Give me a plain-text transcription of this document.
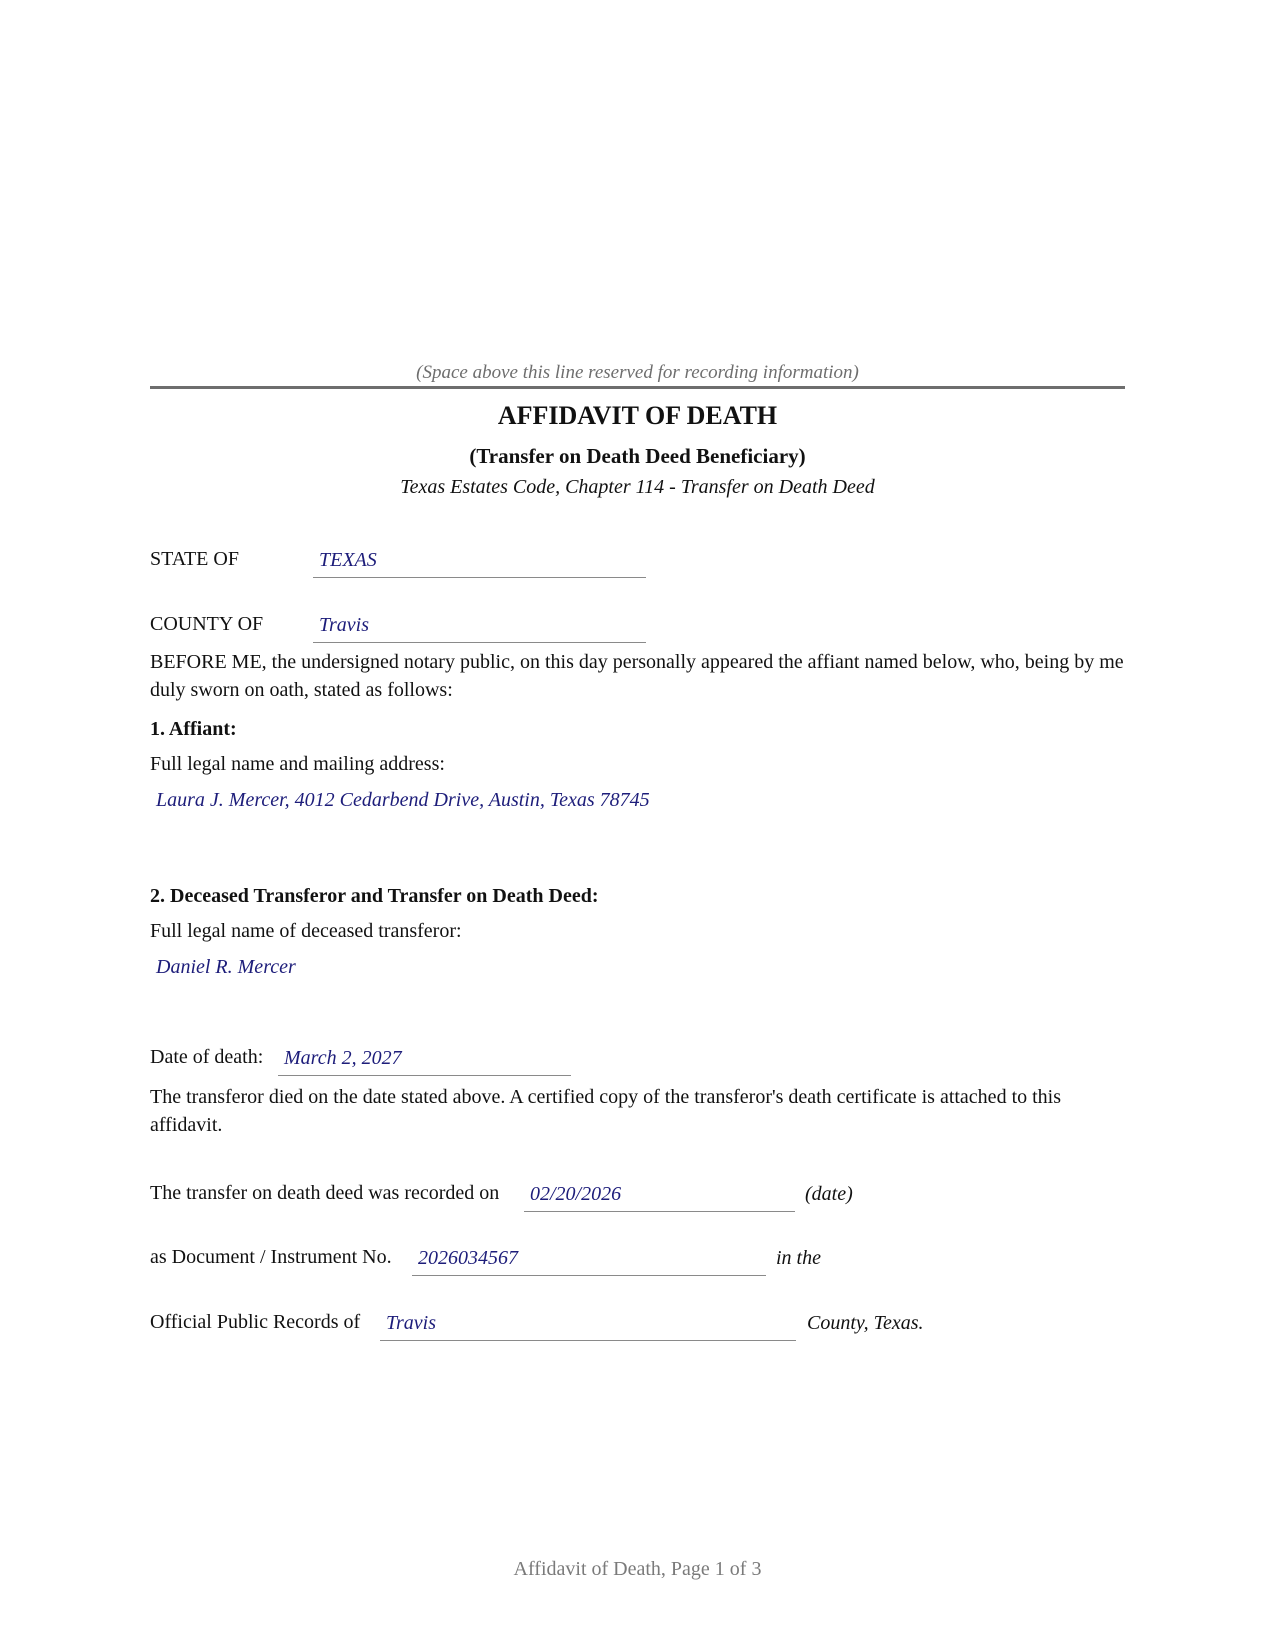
(Space above this line reserved for recording information)
AFFIDAVIT OF DEATH
(Transfer on Death Deed Beneficiary)
Texas Estates Code, Chapter 114 - Transfer on Death Deed
STATE OF	TEXAS
COUNTY OF	Travis
BEFORE ME, the undersigned notary public, on this day personally appeared the affiant named below, who, being by me duly sworn on oath, stated as follows:
1. Affiant:
Full legal name and mailing address:
Laura J. Mercer, 4012 Cedarbend Drive, Austin, Texas 78745
2. Deceased Transferor and Transfer on Death Deed:
Full legal name of deceased transferor:
Daniel R. Mercer
Date of death:	March 2, 2027
The transferor died on the date stated above. A certified copy of the transferor's death certificate is attached to this affidavit.
The transfer on death deed was recorded on	02/20/2026	(date)
as Document / Instrument No.	2026034567	in the
Official Public Records of	Travis	County, Texas.
Affidavit of Death, Page 1 of 3
